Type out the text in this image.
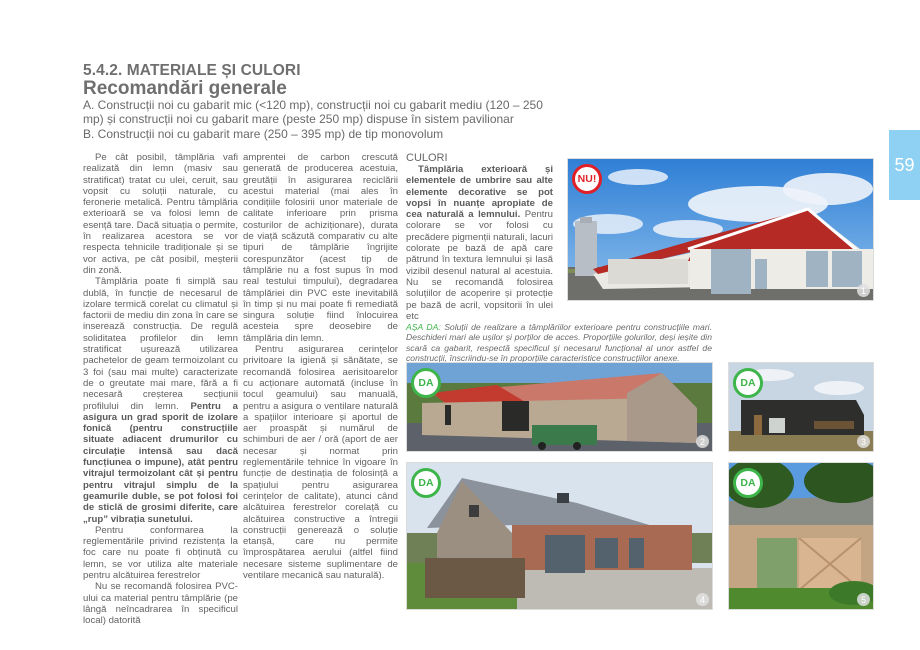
5.4.2. MATERIALE ȘI CULORI
Recomandări generale
A. Construcții noi cu gabarit mic (<120 mp), construcții noi cu gabarit mediu (120 – 250 mp) și construcții noi cu gabarit mare (peste 250 mp) dispuse în sistem pavilionar
B. Construcții noi cu gabarit mare (250 – 395 mp) de tip monovolum

Pe cât posibil, tâmplăria vafi realizată din lemn (masiv sau stratificat) tratat cu ulei, ceruit, sau vopsit cu soluții naturale, cu feronerie metalică. Pentru tâmplăria exterioară se va folosi lemn de esență tare. Dacă situația o permite, în realizarea acestora se vor respecta tehnicile tradiționale și se vor activa, pe cât posibil, meșterii din zonă.

Tâmplăria poate fi simplă sau dublă, în funcție de necesarul de izolare termică corelat cu climatul și factorii de mediu din zona în care se inserează construcția. De regulă soliditatea profilelor din lemn stratificat ușurează utilizarea pachetelor de geam termoizolant cu 3 foi (sau mai multe) caracterizate de o greutate mai mare, fără a fi necesară creșterea secțiunii profilului din lemn. Pentru a asigura un grad sporit de izolare fonică (pentru construcțiile situate adiacent drumurilor cu circulație intensă sau dacă funcțiunea o impune), atât pentru vitrajul termoizolant cât și pentru pentru vitrajul simplu de la geamurile duble, se pot folosi foi de sticlă de grosimi diferite, care „rup” vibrația sunetului.

Pentru conformarea la reglementările privind rezistența la foc care nu poate fi obținută cu lemn, se vor utiliza alte materiale pentru alcătuirea ferestrelor

Nu se recomandă folosirea PVC-ului ca material pentru tâmplărie (pe lângă neîncadrarea în specificul local) datorită

amprentei de carbon crescută generată de producerea acestuia, greutății în asigurarea reciclării acestui material (mai ales în condițiile folosirii unor materiale de calitate inferioare prin prisma costurilor de achiziționare), durata de viață scăzută comparativ cu alte tipuri de tâmplărie îngrijite corespunzător (acest tip de tâmplărie nu a fost supus în mod real testului timpului), degradarea tâmplăriei din PVC este inevitabilă în timp și nu mai poate fi remediată singura soluție fiind înlocuirea acesteia spre deosebire de tâmplăria din lemn.

Pentru asigurarea cerințelor privitoare la igienă și sănătate, se recomandă folosirea aerisitoarelor cu acționare automată (incluse în tocul geamului) sau manuală, pentru a asigura o ventilare naturală a spațiilor interioare și aportul de aer proaspăt și numărul de schimburi de aer / oră (aport de aer necesar și normat prin reglementările tehnice în vigoare în funcție de destinația de folosință a spațiului pentru asigurarea cerințelor de calitate), atunci când alcătuirea ferestrelor corelață cu alcătuirea constructive a întregii construcții generează o soluție etanșă, care nu permite împrospătarea aerului (altfel fiind necesare sisteme suplimentare de ventilare mecanică sau naturală).

CULORI

Tâmplăria exterioară și elementele de umbrire sau alte elemente decorative se pot vopsi în nuanțe apropiate de cea naturală a lemnului. Pentru colorare se vor folosi cu precădere pigmenții naturali, lacuri colorate pe bază de apă care pătrund în textura lemnului și lasă vizibil desenul natural al acestuia. Nu se recomandă folosirea soluțiilor de acoperire și protecție pe bază de acril, vopsitorii în ulei etc

AȘA DA: Soluții de realizare a tâmplăriilor exterioare pentru construcțiile mari. Deschideri mari ale ușilor și porților de acces. Proporțiile golurilor, deși ieșite din scară ca gabarit, respectă specificul și necesarul funcțional al unor astfel de construcții, înscriindu-se în proporțiile caracteristice construcțiilor anexe.
NU!
1
DA
2
DA
3
DA
4
DA
5
59
